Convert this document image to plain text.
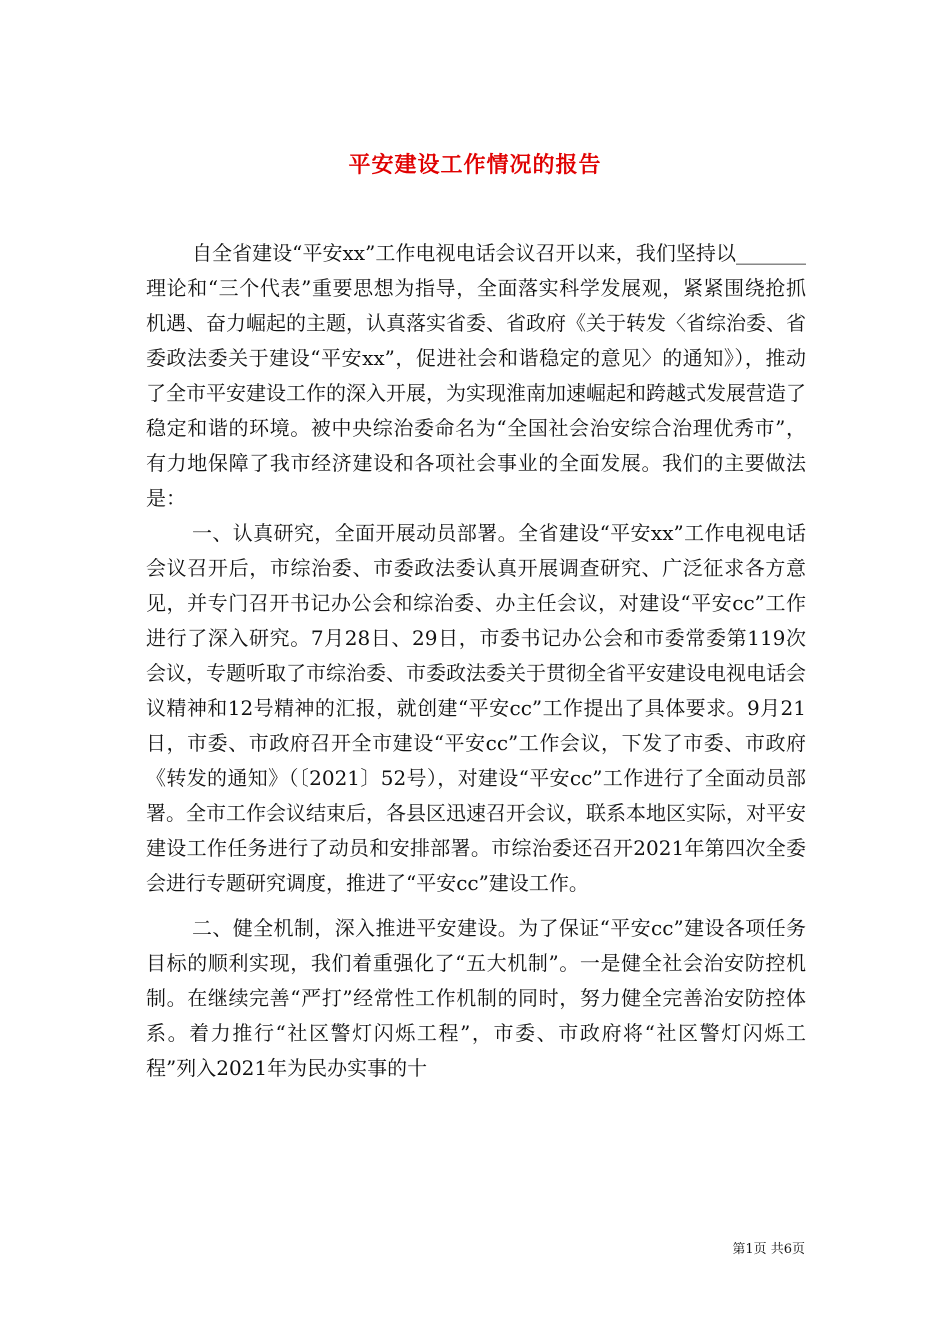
平安建设工作情况的报告

自全省建设“平安xx”工作电视电话会议召开以来，我们坚持以_______理论和“三个代表”重要思想为指导，全面落实科学发展观，紧紧围绕抢抓机遇、奋力崛起的主题，认真落实省委、省政府《关于转发〈省综治委、省委政法委关于建设“平安xx”，促进社会和谐稳定的意见〉的通知》），推动了全市平安建设工作的深入开展，为实现淮南加速崛起和跨越式发展营造了稳定和谐的环境。被中央综治委命名为“全国社会治安综合治理优秀市”，有力地保障了我市经济建设和各项社会事业的全面发展。我们的主要做法是：

一、认真研究，全面开展动员部署。全省建设“平安xx”工作电视电话会议召开后，市综治委、市委政法委认真开展调查研究、广泛征求各方意见，并专门召开书记办公会和综治委、办主任会议，对建设“平安cc”工作进行了深入研究。7月28日、29日，市委书记办公会和市委常委第119次会议，专题听取了市综治委、市委政法委关于贯彻全省平安建设电视电话会议精神和12号精神的汇报，就创建“平安cc”工作提出了具体要求。9月21日，市委、市政府召开全市建设“平安cc”工作会议，下发了市委、市政府《转发的通知》（〔2021〕52号），对建设“平安cc”工作进行了全面动员部署。全市工作会议结束后，各县区迅速召开会议，联系本地区实际，对平安建设工作任务进行了动员和安排部署。市综治委还召开2021年第四次全委会进行专题研究调度，推进了“平安cc”建设工作。

二、健全机制，深入推进平安建设。为了保证“平安cc”建设各项任务目标的顺利实现，我们着重强化了“五大机制”。一是健全社会治安防控机制。在继续完善“严打”经常性工作机制的同时，努力健全完善治安防控体系。着力推行“社区警灯闪烁工程”，市委、市政府将“社区警灯闪烁工程”列入2021年为民办实事的十

第1页 共6页
